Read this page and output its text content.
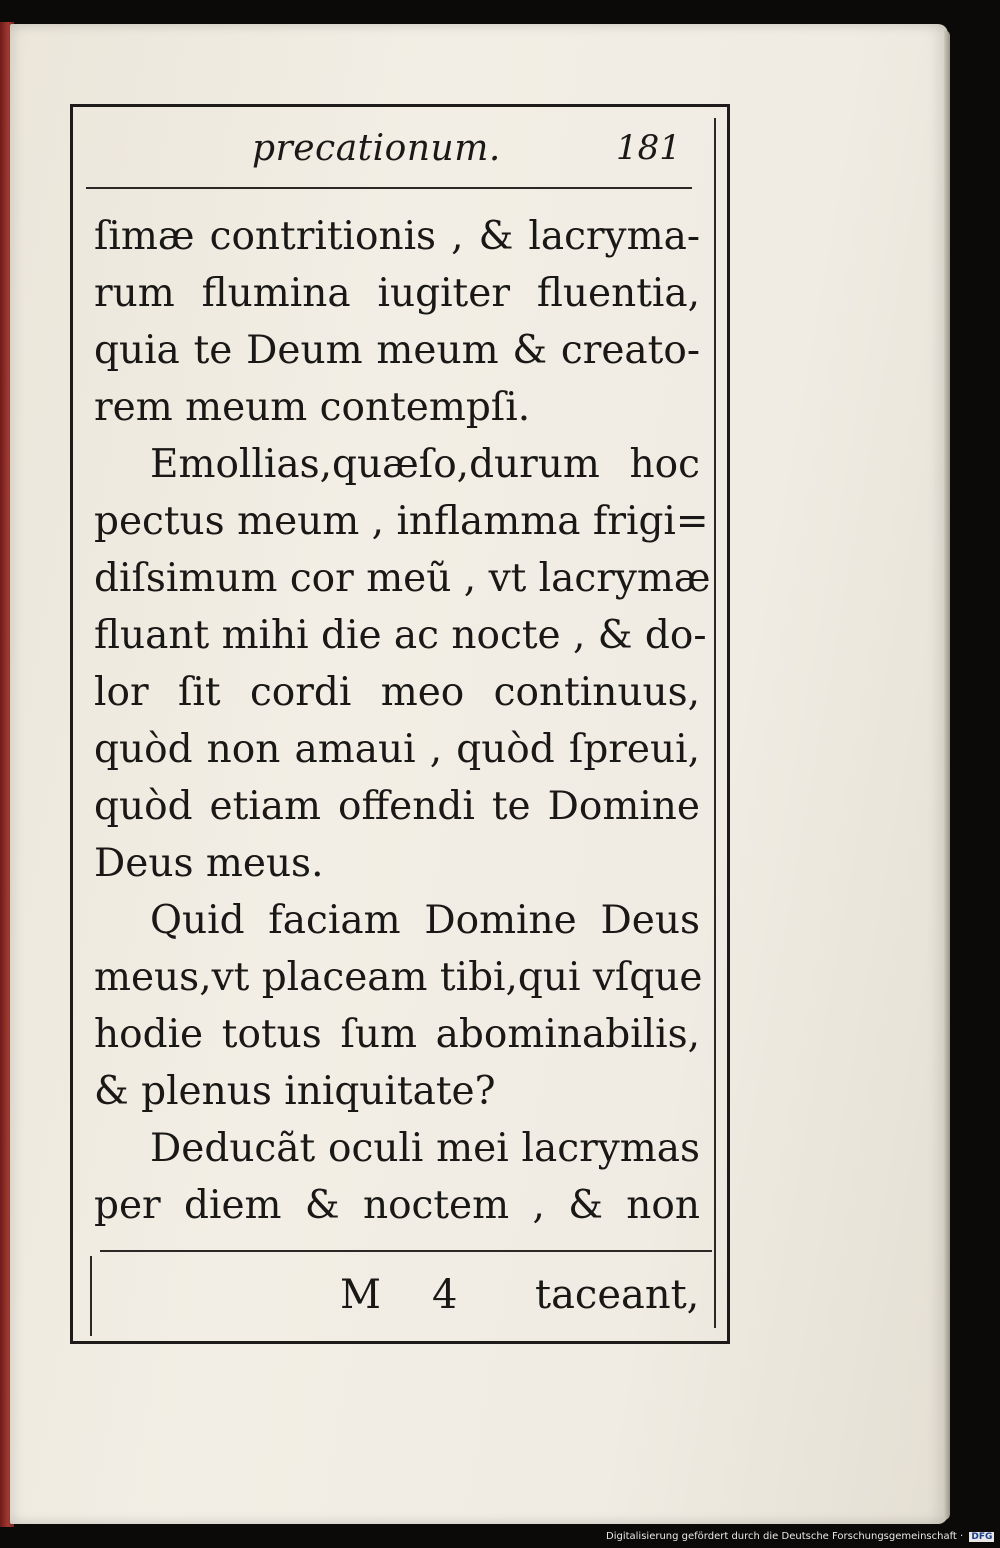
precationum.	181
ſimæ contritionis , & lacryma-
rum flumina iugiter fluentia,
quia te Deum meum & creato-
rem meum contempſi.
Emollias,quæſo,durum hoc
pectus meum , inflamma frigi=
diſsimum cor meũ , vt lacrymæ
fluant mihi die ac nocte , & do-
lor ſit cordi meo continuus,
quòd non amaui , quòd ſpreui,
quòd etiam offendi te Domine
Deus meus.
Quid faciam Domine Deus
meus,vt placeam tibi,qui vſque
hodie totus ſum abominabilis,
& plenus iniquitate?
Deducãt oculi mei lacrymas
per diem & noctem , & non
M 4 taceant,
Digitalisierung gefördert durch die Deutsche Forschungsgemeinschaft · DFG
